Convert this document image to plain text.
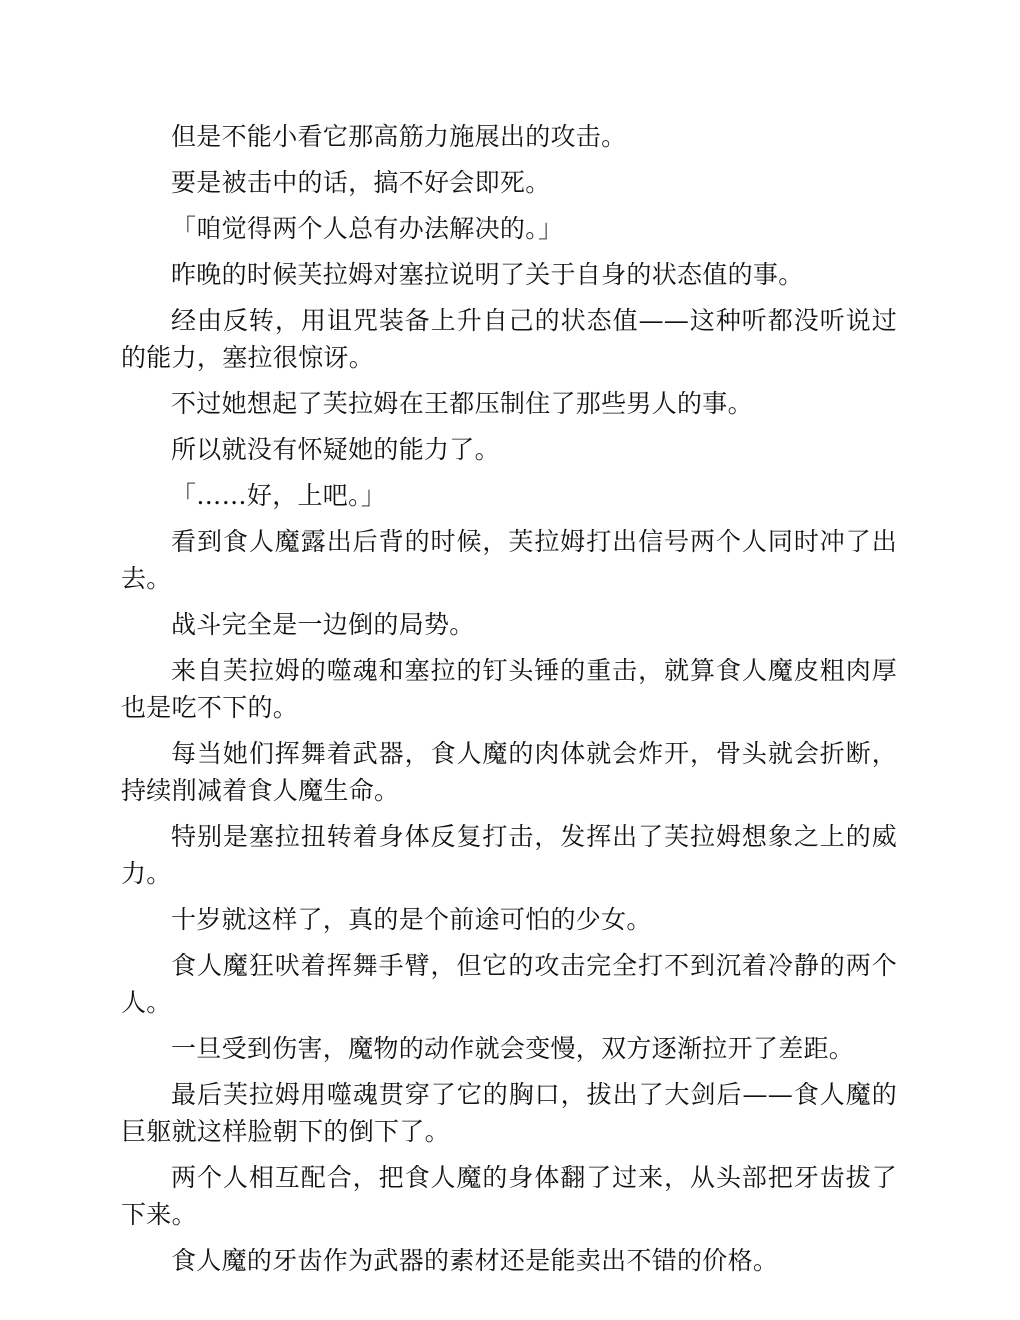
但是不能小看它那高筋力施展出的攻击。

要是被击中的话，搞不好会即死。

「咱觉得两个人总有办法解决的。」

昨晚的时候芙拉姆对塞拉说明了关于自身的状态值的事。

经由反转，用诅咒装备上升自己的状态值——这种听都没听说过的能力，塞拉很惊讶。

不过她想起了芙拉姆在王都压制住了那些男人的事。

所以就没有怀疑她的能力了。

「……好，上吧。」

看到食人魔露出后背的时候，芙拉姆打出信号两个人同时冲了出去。

战斗完全是一边倒的局势。

来自芙拉姆的噬魂和塞拉的钉头锤的重击，就算食人魔皮粗肉厚也是吃不下的。

每当她们挥舞着武器，食人魔的肉体就会炸开，骨头就会折断，持续削减着食人魔生命。

特别是塞拉扭转着身体反复打击，发挥出了芙拉姆想象之上的威力。

十岁就这样了，真的是个前途可怕的少女。

食人魔狂吠着挥舞手臂，但它的攻击完全打不到沉着冷静的两个人。

一旦受到伤害，魔物的动作就会变慢，双方逐渐拉开了差距。

最后芙拉姆用噬魂贯穿了它的胸口，拔出了大剑后——食人魔的巨躯就这样脸朝下的倒下了。

两个人相互配合，把食人魔的身体翻了过来，从头部把牙齿拔了下来。

食人魔的牙齿作为武器的素材还是能卖出不错的价格。
